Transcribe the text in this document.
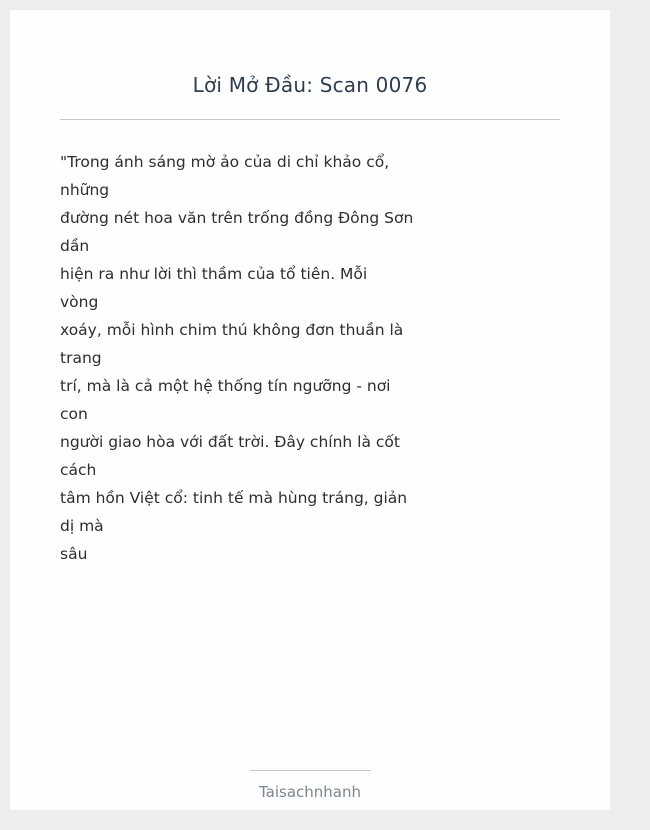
Lời Mở Đầu: Scan 0076
"Trong ánh sáng mờ ảo của di chỉ khảo cổ,
những
đường nét hoa văn trên trống đồng Đông Sơn
dần
hiện ra như lời thì thầm của tổ tiên. Mỗi
vòng
xoáy, mỗi hình chim thú không đơn thuần là
trang
trí, mà là cả một hệ thống tín ngưỡng - nơi
con
người giao hòa với đất trời. Đây chính là cốt
cách
tâm hồn Việt cổ: tinh tế mà hùng tráng, giản
dị mà
sâu
Taisachnhanh
